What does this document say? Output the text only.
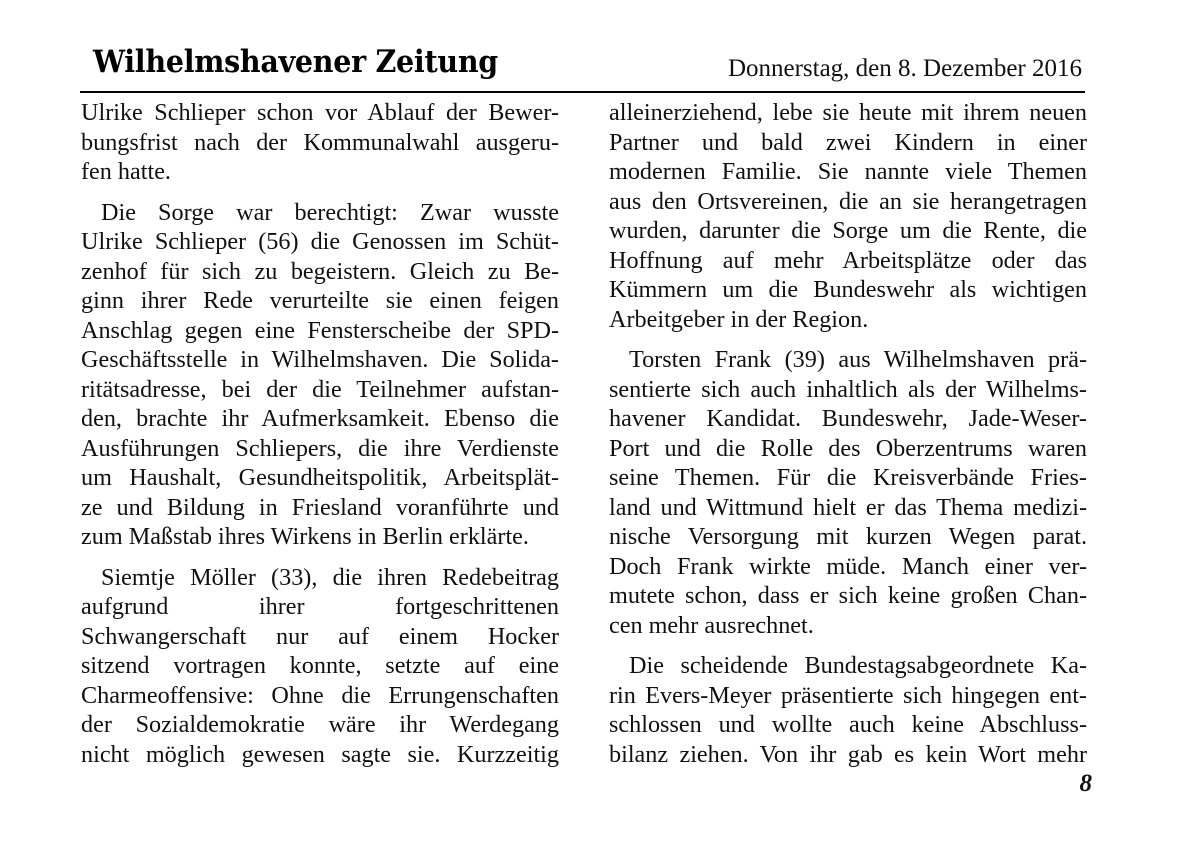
Wilhelmshavener Zeitung	Donnerstag, den 8. Dezember 2016
Ulrike Schlieper schon vor Ablauf der Bewer-
bungsfrist nach der Kommunalwahl ausgeru-
fen hatte.
Die Sorge war berechtigt: Zwar wusste
Ulrike Schlieper (56) die Genossen im Schüt-
zenhof für sich zu begeistern. Gleich zu Be-
ginn ihrer Rede verurteilte sie einen feigen
Anschlag gegen eine Fensterscheibe der SPD-
Geschäftsstelle in Wilhelmshaven. Die Solida-
ritätsadresse, bei der die Teilnehmer aufstan-
den, brachte ihr Aufmerksamkeit. Ebenso die
Ausführungen Schliepers, die ihre Verdienste
um Haushalt, Gesundheitspolitik, Arbeitsplät-
ze und Bildung in Friesland voranführte und
zum Maßstab ihres Wirkens in Berlin erklärte.
Siemtje Möller (33), die ihren Redebeitrag
aufgrund ihrer fortgeschrittenen
Schwangerschaft nur auf einem Hocker
sitzend vortragen konnte, setzte auf eine
Charmeoffensive: Ohne die Errungenschaften
der Sozialdemokratie wäre ihr Werdegang
nicht möglich gewesen sagte sie. Kurzzeitig
alleinerziehend, lebe sie heute mit ihrem neuen
Partner und bald zwei Kindern in einer
modernen Familie. Sie nannte viele Themen
aus den Ortsvereinen, die an sie herangetragen
wurden, darunter die Sorge um die Rente, die
Hoffnung auf mehr Arbeitsplätze oder das
Kümmern um die Bundeswehr als wichtigen
Arbeitgeber in der Region.
Torsten Frank (39) aus Wilhelmshaven prä-
sentierte sich auch inhaltlich als der Wilhelms-
havener Kandidat. Bundeswehr, Jade-Weser-
Port und die Rolle des Oberzentrums waren
seine Themen. Für die Kreisverbände Fries-
land und Wittmund hielt er das Thema medizi-
nische Versorgung mit kurzen Wegen parat.
Doch Frank wirkte müde. Manch einer ver-
mutete schon, dass er sich keine großen Chan-
cen mehr ausrechnet.
Die scheidende Bundestagsabgeordnete Ka-
rin Evers-Meyer präsentierte sich hingegen ent-
schlossen und wollte auch keine Abschluss-
bilanz ziehen. Von ihr gab es kein Wort mehr
8
